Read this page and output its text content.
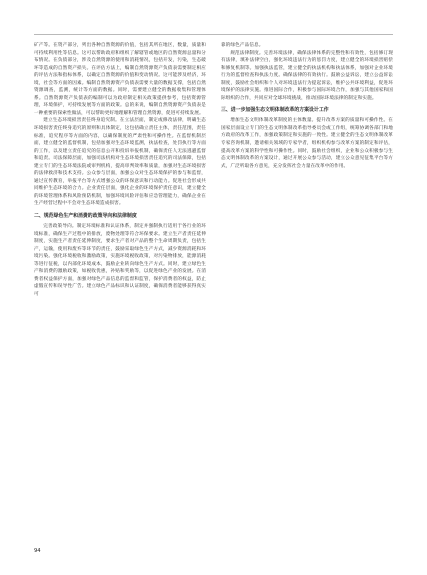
矿产等。在资产部分，列出各种自然资源的价值，包括其所在地区，数量，质量和可持续利用性等信息。这可以帮助政府和组织了解辖管或地区的自然资源总量和分布情况。在负债部分，涉及自然资源的使用和消耗情况，包括开发，污染，生态破坏等造成的自然资产损失。在评估方法上，编制自然资源资产负债表需要制定相应的评估方法和指标体系，以确定自然资源的价值和变动情况。这可能涉及经济，环境，社会等方面的因素。编制自然资源资产负债表需要大量的数据支撑，包括自然资源调查，监测，统计等方面的数据。同时，需要建立健全的数据收集和管理体系。自然资源资产负债表的编制可以为政府制定相关政策提供参考，包括资源管理，环境保护，可持续发展等方面的政策。总的来说，编制自然资源资产负债表是一种重要的探索性做法，可以帮助更好地理解和管理自然资源，促进可持续发展。

建立生态环境损害责任终身追究制。在立法层面，制定或修改法律，明确生态环境损害责任终身追究的原则和具体制定，这包括确立责任主体，责任范围，责任标准，追究程序等方面的内容，以确保制度的严肃性和可操作性。在监督机制层面，建立健全的监督机制，包括加强对生态环境监测，执法检查，处罚执行等方面的工作，以及建立责任追究的信息公开和投诉举报机制，确保责任人无法逃避监督和追责。司法保障层面，加强司法机构对生态环境损害责任追究的司法保障，包括建立专门的生态环境法院或审判机构，提高审判效率和质量，加强对生态环境损害的法律救济和技术支持。公众参与层面，加强公众对生态环境保护的参与和监督，通过宣传教育，举报平台等方式增强公众的环保意识和行动能力。促进社会形成共同维护生态环境的合力。企业责任层面，强化企业的环境保护责任意识，建立健全的环境管理体系和风险预防机制，加强环境风险评估和应急管理能力，确保企业在生产经营过程中不会对生态环境造成损害。

二、规范绿色生产和消费的政策导向和法律制度

完善政策导向。制定环境标准和认证体系，制定并强制执行适用于各行业的环境标准，确保生产过程中的排放，废物处理等符合环保要求。建立生产者责任延伸制度，实施生产者责任延伸制度，要求生产者对产品的整个生命周期负责，包括生产，运输，使用和废弃等环节的责任，鼓励采取绿色生产方式，减少资源消耗和环境污染。强化环境税收和激励政策，实施环境税收政策，对污染物排放，能源消耗等进行征税，以内部化环境成本，鼓励企业转向绿色生产方式。同时，建立绿色生产和消费的激励政策，如税收优惠，补贴和奖励等，以促进绿色产业的发展。在消费者权益保护方面，加强对绿色产品信息的监督和监管，保护消费者的权益，防止虚假宣传和误导性广告。建立绿色产品标识和认证制度，确保消费者能够获得真实可

靠的绿色产品信息。

规范法律制度。完善环境法律，确保法律体系的完整性和有效性，包括修订现有法律，填补法律空白，强化环境违法行为的惩罚力度，建立健全的环境损害赔偿和修复机制等。加强执法监管，建立健全的执法机构和执法体系，加强对企业环境行为的监督检查和执法力度。确保法律的有效执行。鼓励公益诉讼，建立公益诉讼制度，鼓励社会组织和个人对环境违法行为提起诉讼，维护公共环境利益，促进环境保护的法律实施。推进国际合作，积极参与国际环境合作，加强与其他国家和国际组织的合作，共同应对全球环境挑战，推动国际环境法律的制定和实施。

三、进一步加强生态文明体制改革的方案设计工作

增加生态文明体制改革制度的主体数量。提升改革方案的质量和可操作性。在国家层面设立专门的生态文明体制改革指导委员会或工作组，统筹协调各部门和地方政府的改革工作，加强政策制定和实施的一致性。建立健全的生态文明体制改革专家咨询机制，邀请相关领域的专家学者，组织机构参与改革方案的制定和评估，提高改革方案的科学性和可操作性。同时，鼓励社会组织，企业和公众积极参与生态文明体制改革的方案设计，通过开展公众参与活动，建立公众意见征集平台等方式，广泛听取各方意见，充分发挥社会力量在改革中的作用。

94
